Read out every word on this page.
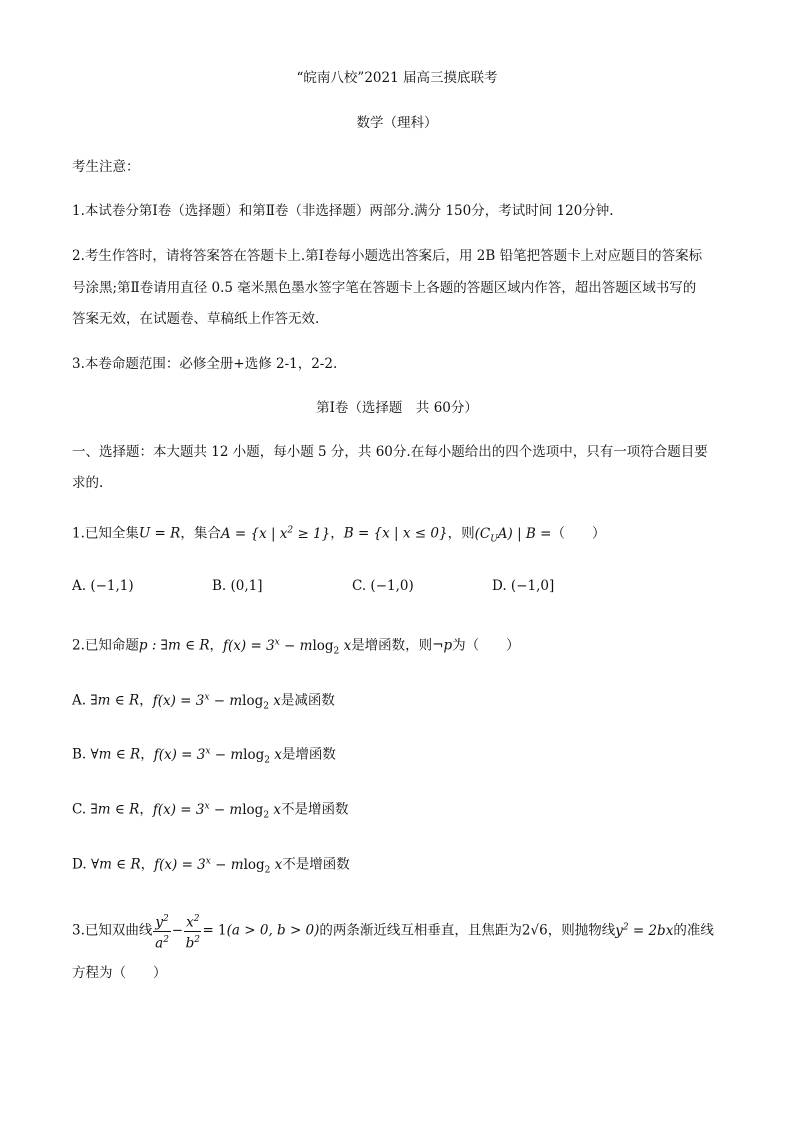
“皖南八校”2021 届高三摸底联考
数学（理科）
考生注意：
1.本试卷分第Ⅰ卷（选择题）和第Ⅱ卷（非选择题）两部分.满分 150分，考试时间 120分钟.
2.考生作答时，请将答案答在答题卡上.第Ⅰ卷每小题选出答案后，用 2B 铅笔把答题卡上对应题目的答案标
号涂黑;第Ⅱ卷请用直径 0.5 毫米黑色墨水签字笔在答题卡上各题的答题区域内作答，超出答题区域书写的
答案无效，在试题卷、草稿纸上作答无效.
3.本卷命题范围：必修全册+选修 2-1，2-2.
第Ⅰ卷（选择题　共 60分）
一、选择题：本大题共 12 小题，每小题 5 分，共 60分.在每小题给出的四个选项中，只有一项符合题目要
求的.
1.已知全集U = R，集合A = {x | $x^2 \ge 1$}，B = {x | x ≤ 0}，则$(C_UA)$ | B =（　　）
A. (−1,1)	B. (0,1]	C. (−1,0)	D. (−1,0]
2.已知命题p : ∃m ∈ R，$f(x) = 3^x - mlog_2$ x是增函数，则¬p为（　　）
A. ∃m ∈ R，$f(x) = 3^x - mlog_2$ x是减函数
B. ∀m ∈ R，$f(x) = 3^x - mlog_2$ x是增函数
C. ∃m ∈ R，$f(x) = 3^x - mlog_2$ x不是增函数
D. ∀m ∈ R，$f(x) = 3^x - mlog_2$ x不是增函数
3.已知双曲线 $\frac{y^2}{a^2} - \frac{x^2}{b^2} = 1(a > 0$, b > 0)的两条渐近线互相垂直，且焦距为2√6，则抛物线$y^2 = 2bx$的准线
方程为（　　）
